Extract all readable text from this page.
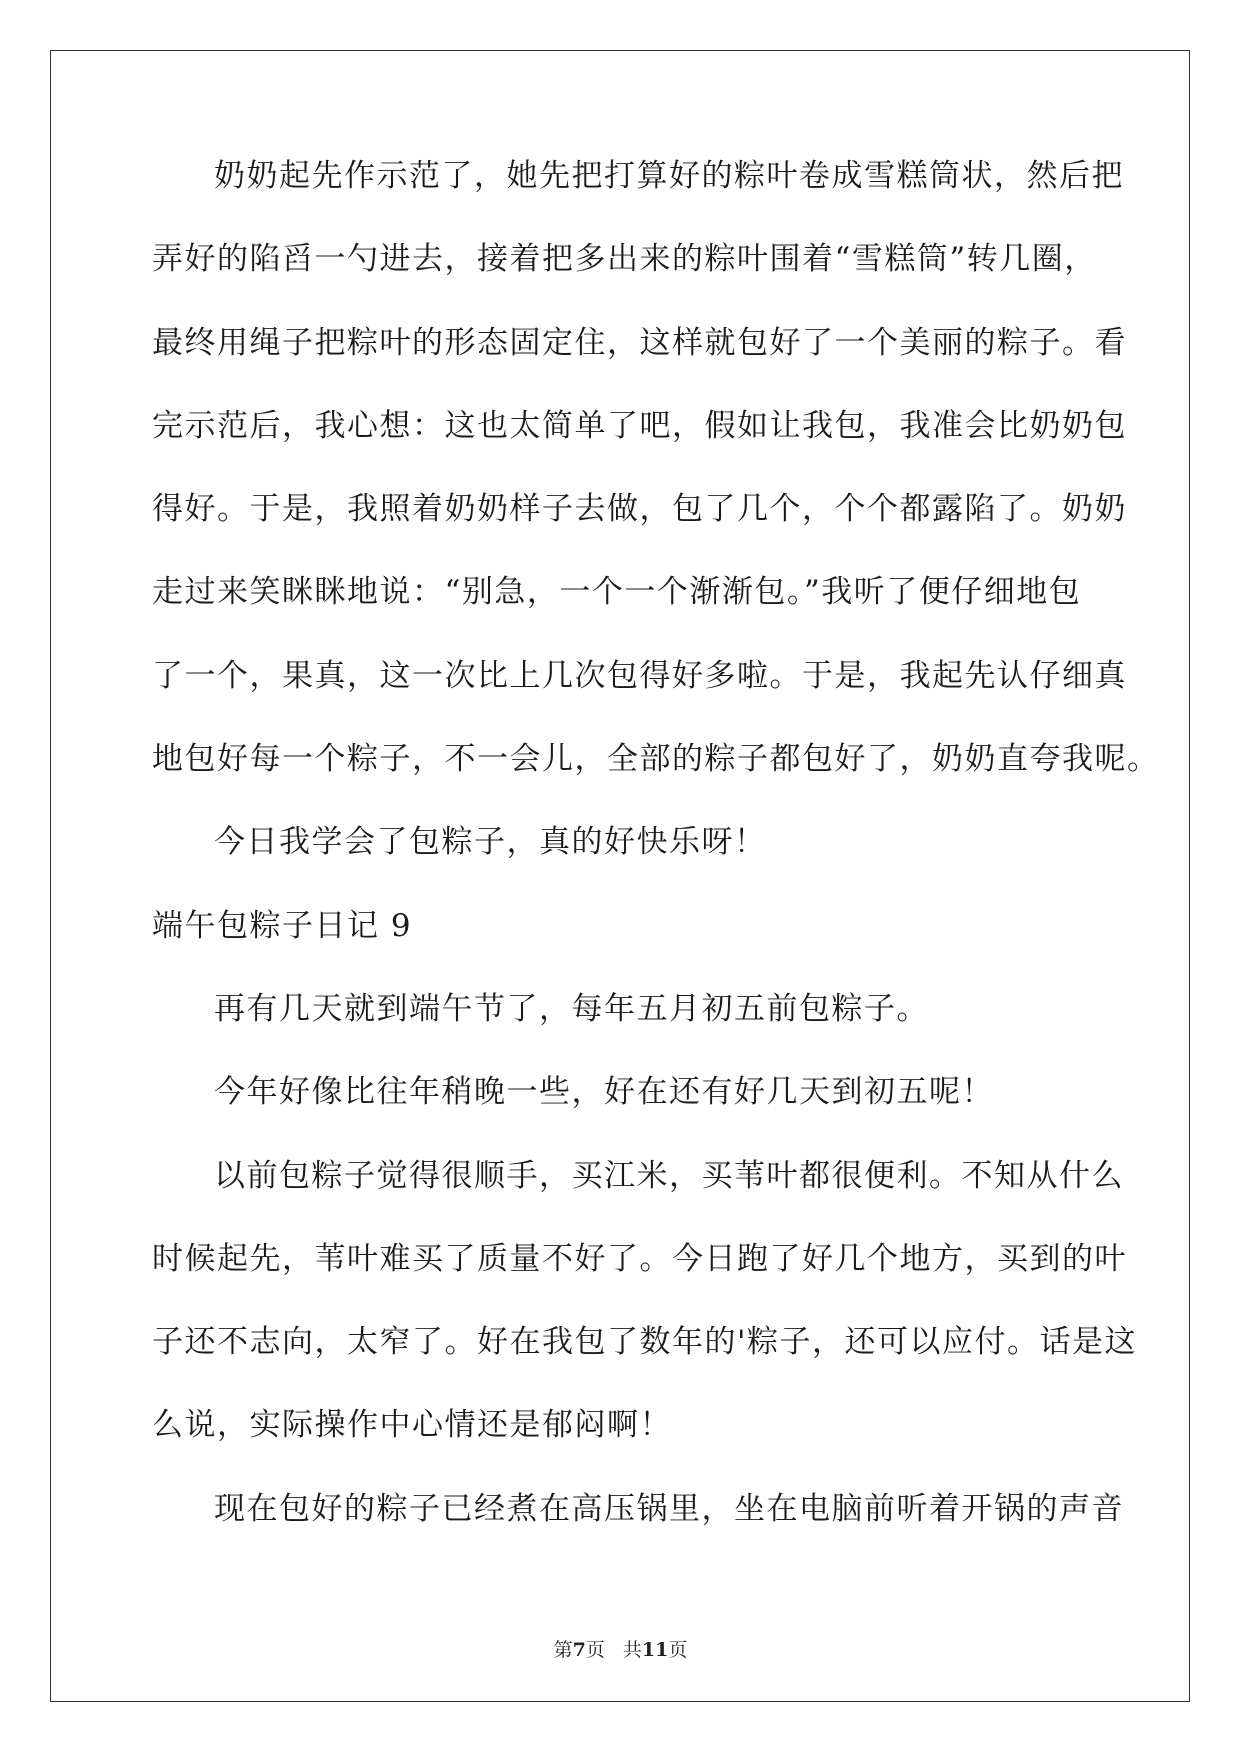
奶奶起先作示范了，她先把打算好的粽叶卷成雪糕筒状，然后把
弄好的陷舀一勺进去，接着把多出来的粽叶围着“雪糕筒”转几圈，
最终用绳子把粽叶的形态固定住，这样就包好了一个美丽的粽子。看
完示范后，我心想：这也太简单了吧，假如让我包，我准会比奶奶包
得好。于是，我照着奶奶样子去做，包了几个，个个都露陷了。奶奶
走过来笑眯眯地说：“别急，一个一个渐渐包。”我听了便仔细地包
了一个，果真，这一次比上几次包得好多啦。于是，我起先认仔细真
地包好每一个粽子，不一会儿，全部的粽子都包好了，奶奶直夸我呢。
今日我学会了包粽子，真的好快乐呀！
端午包粽子日记 9
再有几天就到端午节了，每年五月初五前包粽子。
今年好像比往年稍晚一些，好在还有好几天到初五呢！
以前包粽子觉得很顺手，买江米，买苇叶都很便利。不知从什么
时候起先，苇叶难买了质量不好了。今日跑了好几个地方，买到的叶
子还不志向，太窄了。好在我包了数年的'粽子，还可以应付。话是这
么说，实际操作中心情还是郁闷啊！
现在包好的粽子已经煮在高压锅里，坐在电脑前听着开锅的声音
第7页 共11页
